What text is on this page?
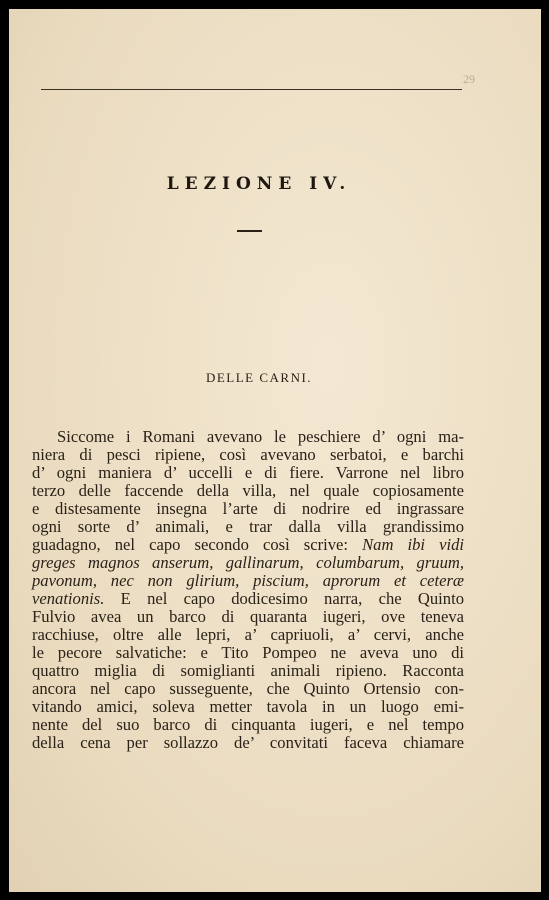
29
LEZIONE IV.
DELLE CARNI.
Siccome i Romani avevano le peschiere d’ ogni ma-
niera di pesci ripiene, così avevano serbatoi, e barchi
d’ ogni maniera d’ uccelli e di fiere. Varrone nel libro
terzo delle faccende della villa, nel quale copiosamente
e distesamente insegna l’arte di nodrire ed ingrassare
ogni sorte d’ animali, e trar dalla villa grandissimo
guadagno, nel capo secondo così scrive: Nam ibi vidi
greges magnos anserum, gallinarum, columbarum, gruum,
pavonum, nec non glirium, piscium, aprorum et ceteræ
venationis. E nel capo dodicesimo narra, che Quinto
Fulvio avea un barco di quaranta iugeri, ove teneva
racchiuse, oltre alle lepri, a’ capriuoli, a’ cervi, anche
le pecore salvatiche: e Tito Pompeo ne aveva uno di
quattro miglia di somiglianti animali ripieno. Racconta
ancora nel capo susseguente, che Quinto Ortensio con-
vitando amici, soleva metter tavola in un luogo emi-
nente del suo barco di cinquanta iugeri, e nel tempo
della cena per sollazzo de’ convitati faceva chiamare
